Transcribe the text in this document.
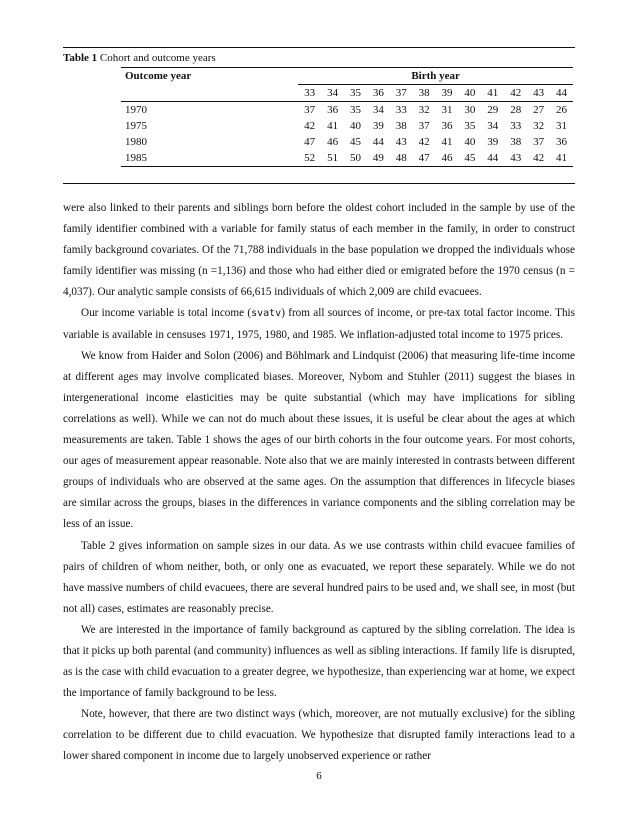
Table 1 Cohort and outcome years
Outcome year	Birth year											
	33	34	35	36	37	38	39	40	41	42	43	44
1970	37	36	35	34	33	32	31	30	29	28	27	26
1975	42	41	40	39	38	37	36	35	34	33	32	31
1980	47	46	45	44	43	42	41	40	39	38	37	36
1985	52	51	50	49	48	47	46	45	44	43	42	41

were also linked to their parents and siblings born before the oldest cohort included in the sample by use of the family identifier combined with a variable for family status of each member in the family, in order to construct family background covariates. Of the 71,788 individuals in the base population we dropped the individuals whose family identifier was missing (n =1,136) and those who had either died or emigrated before the 1970 census (n = 4,037). Our analytic sample consists of 66,615 individuals of which 2,009 are child evacuees.

Our income variable is total income (svatv) from all sources of income, or pre-tax total factor income. This variable is available in censuses 1971, 1975, 1980, and 1985. We inflation-adjusted total income to 1975 prices.

We know from Haider and Solon (2006) and Böhlmark and Lindquist (2006) that measuring life-time income at different ages may involve complicated biases. Moreover, Nybom and Stuhler (2011) suggest the biases in intergenerational income elasticities may be quite substantial (which may have implications for sibling correlations as well). While we can not do much about these issues, it is useful be clear about the ages at which measurements are taken. Table 1 shows the ages of our birth cohorts in the four outcome years. For most cohorts, our ages of measurement appear reasonable. Note also that we are mainly interested in contrasts between different groups of individuals who are observed at the same ages. On the assumption that differences in lifecycle biases are similar across the groups, biases in the differences in variance components and the sibling correlation may be less of an issue.

Table 2 gives information on sample sizes in our data. As we use contrasts within child evacuee families of pairs of children of whom neither, both, or only one as evacuated, we report these separately. While we do not have massive numbers of child evacuees, there are several hundred pairs to be used and, we shall see, in most (but not all) cases, estimates are reasonably precise.

We are interested in the importance of family background as captured by the sibling correlation. The idea is that it picks up both parental (and community) influences as well as sibling interactions. If family life is disrupted, as is the case with child evacuation to a greater degree, we hypothesize, than experiencing war at home, we expect the importance of family background to be less.

Note, however, that there are two distinct ways (which, moreover, are not mutually exclusive) for the sibling correlation to be different due to child evacuation. We hypothesize that disrupted family interactions lead to a lower shared component in income due to largely unobserved experience or rather

6
